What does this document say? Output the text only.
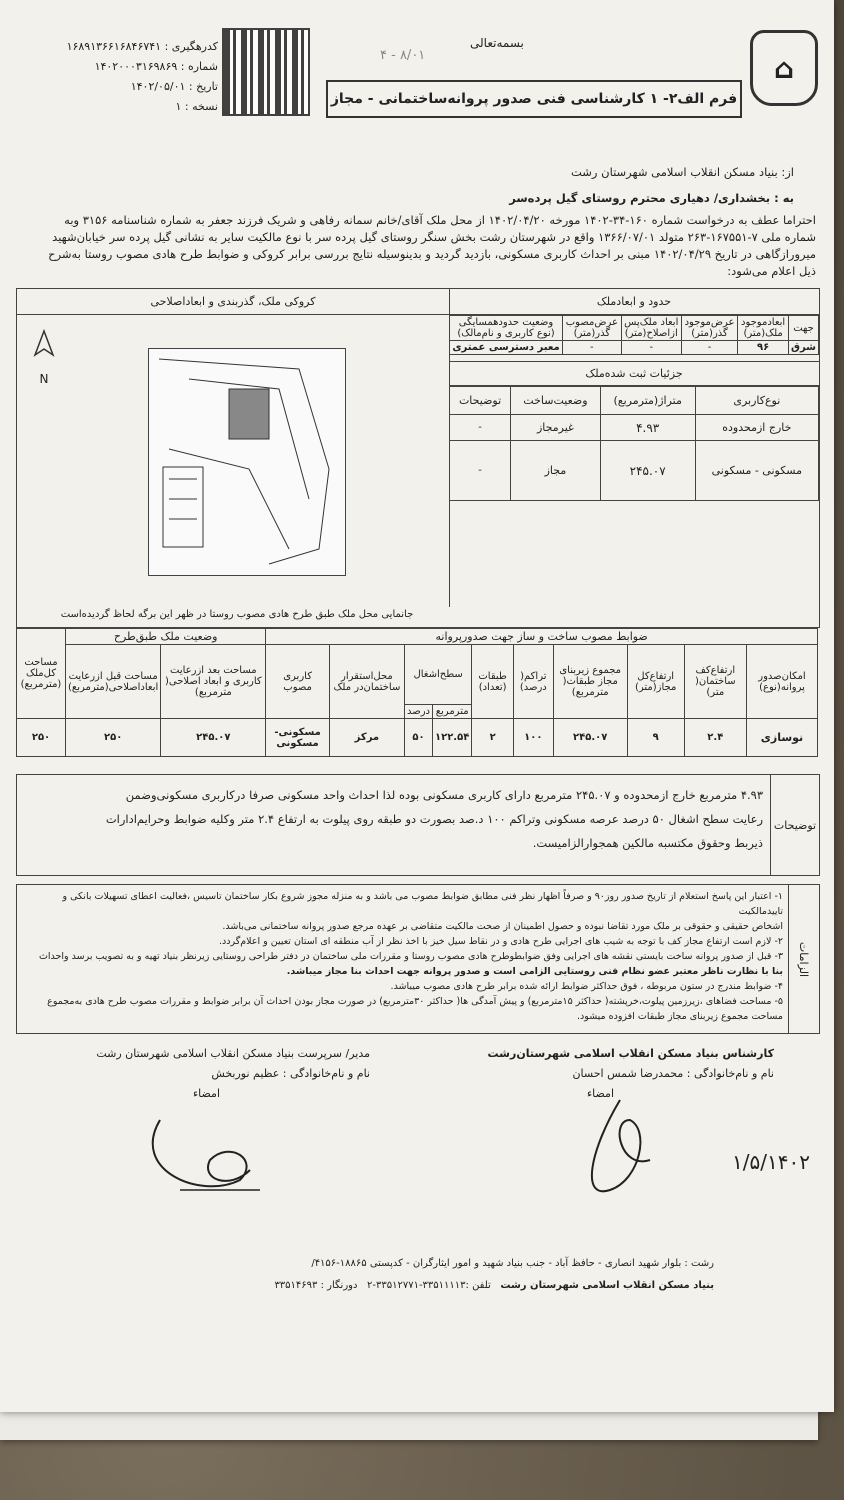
⌂
بسمه‌تعالی
۸/۰۱ - ۴
کدرهگیری : ۱۶۸۹۱۳۶۶۱۶۸۴۶۷۴۱
شماره : ۱۴۰۲۰۰۰۳۱۶۹۸۶۹
تاریخ : ۱۴۰۲/۰۵/۰۱
نسخه : ۱	فرم الف۲- ۱ کارشناسی فنی صدور پروانه‌ساختمانی - مجاز
از: بنیاد مسکن انقلاب اسلامی شهرستان رشت
به : بخشداری/ دهیاری محترم روستای گیل پردەسر
احتراما عطف به درخواست شماره ۱۶۰-۳۴-۱۴۰۲ مورخه ۱۴۰۲/۰۴/۲۰ از محل ملک آقای/خانم سمانه رفاهی و شریک فرزند جعفر به شماره شناسنامه ۳۱۵۶ وبه
شماره ملی ۷-۱۶۷۵۵۱-۲۶۳ متولد ۱۳۶۶/۰۷/۰۱ واقع در شهرستان رشت بخش سنگر روستای گیل پرده سر با نوع مالکیت سایر به نشانی گیل پرده سر خیابان‌شهید
میرورازگاهی در تاریخ ۱۴۰۲/۰۴/۲۹ مبنی بر احداث کاربری مسکونی، بازدید گردید و بدینوسیله نتایج بررسی برابر کروکی و ضوابط طرح هادی مصوب روستا به‌شرح
ذیل اعلام می‌شود:
کروکی ملک، گذربندی و ابعاداصلاحی
N
حدود و ابعادملک
جهت	ابعادموجود ملک(متر)	عرض‌موجود گذر(متر)	ابعاد ملک‌پس ازاصلاح(متر)	عرض‌مصوب گذر(متر)	وضعیت حدودهمسایگی (نوع کاربری و نام‌مالک)
شرق	۹۶	-	-	-	معبر دسترسی عمتری
جزئیات ثبت شده‌ملک
نوع‌کاربری	متراژ(مترمربع)	وضعیت‌ساخت	توضیحات
خارج ازمحدوده	۴.۹۳	غیرمجاز	-
مسکونی - مسکونی	۲۴۵.۰۷	مجاز	-
جانمایی محل ملک طبق طرح هادی مصوب روستا در ظهر این برگه لحاظ گردیده‌است
ضوابط مصوب ساخت و ساز جهت صدورپروانه										وضعیت ملک طبق‌طرح		مساحت کل‌ملک (مترمربع)
امکان‌صدور پروانه(نوع)	ارتفاع‌کف ساختمان( متر)	ارتفاع‌کل مجاز(متر)	مجموع زیربنای مجاز طبقات( مترمربع)	تراکم( درصد)	طبقات (تعداد)	سطح‌اشغال		محل‌استقرار ساختمان‌در ملک	کاربری مصوب	مساحت بعد ازرعایت کاربری و ابعاد اصلاحی( مترمربع)	مساحت قبل ازرعایت ابعاداصلاحی(مترمربع)	
						مترمربع	درصد					
نوسازی	۲.۴	۹	۲۴۵.۰۷	۱۰۰	۲	۱۲۲.۵۴	۵۰	مرکز	مسکونی- مسکونی	۲۴۵.۰۷	۲۵۰	۲۵۰
توضیحات
۴.۹۳ مترمربع خارج ازمحدوده و ۲۴۵.۰۷ مترمربع دارای کاربری مسکونی بوده لذا احداث واحد مسکونی صرفا درکاربری مسکونی‌وضمن
رعایت سطح اشغال ۵۰ درصد عرصه مسکونی وتراکم ۱۰۰ د.صد بصورت دو طبقه روی پیلوت به ارتفاع ۲.۴ متر وکلیه ضوابط وحرایم‌ادارات
ذیربط وحقوق مکتسبه مالکین همجوارالزامیست.
الزامات
۱- اعتبار این پاسخ استعلام از تاریخ صدور روز۹۰ و صرفاً اظهار نظر فنی مطابق ضوابط مصوب می باشد و به منزله مجوز شروع بکار ساختمان تاسیس ،فعالیت اعطای تسهیلات بانکی و تاییدمالکیت
اشخاص حقیقی و حقوقی بر ملک مورد تقاضا نبوده و حصول اطمینان از صحت مالکیت متقاضی بر عهده مرجع صدور پروانه ساختمانی می‌باشد.
۲- لازم است ارتفاع مجاز کف با توجه به شیب های اجرایی طرح هادی و در نقاط سیل خیز با اخذ نظر از آب منطقه ای استان تعیین و اعلام‌گردد.
۳- قبل از صدور پروانه ساخت بایستی نقشه های اجرایی وفق ضوابطوطرح هادی مصوب روستا و مقررات ملی ساختمان در دفتر طراحی روستایی زیرنظر بنیاد تهیه و به تصویب برسد واحداث
بنا با نظارت ناظر معتبر عضو نظام فنی روستایی الزامی است و صدور پروانه جهت احداث بنا مجاز میباشد.
۴- ضوابط مندرج در ستون مربوطه ، فوق حداکثر ضوابط ارائه شده برابر طرح هادی مصوب میباشد.
۵- مساحت فضاهای ،زیرزمین پیلوت،خرپشته( حداکثر ۱۵مترمربع) و پیش آمدگی ها( حداکثر ۳۰مترمربع) در صورت مجاز بودن احداث آن برابر ضوابط و مقررات مصوب طرح هادی به‌مجموع
مساحت مجموع زیربنای مجاز طبقات افزوده میشود.
کارشناس بنیاد مسکن انقلاب اسلامی شهرستان‌رشت
نام و نام‌خانوادگی : محمدرضا شمس احسان
امضاء
مدیر/ سرپرست بنیاد مسکن انقلاب اسلامی شهرستان رشت
نام و نام‌خانوادگی : عظیم نوربخش
امضاء
۱/۵/۱۴۰۲
رشت : بلوار شهید انصاری - حافظ آباد - جنب بنیاد شهید و امور ایثارگران - کدپستی ۱۸۸۶۵-۴۱۵۶/
بنیاد مسکن انقلاب اسلامی شهرستان رشت   تلفن :۳۳۵۱۱۱۱۳-۳۳۵۱۲۷۷۱-۲   دورنگار : ۳۳۵۱۴۶۹۳
